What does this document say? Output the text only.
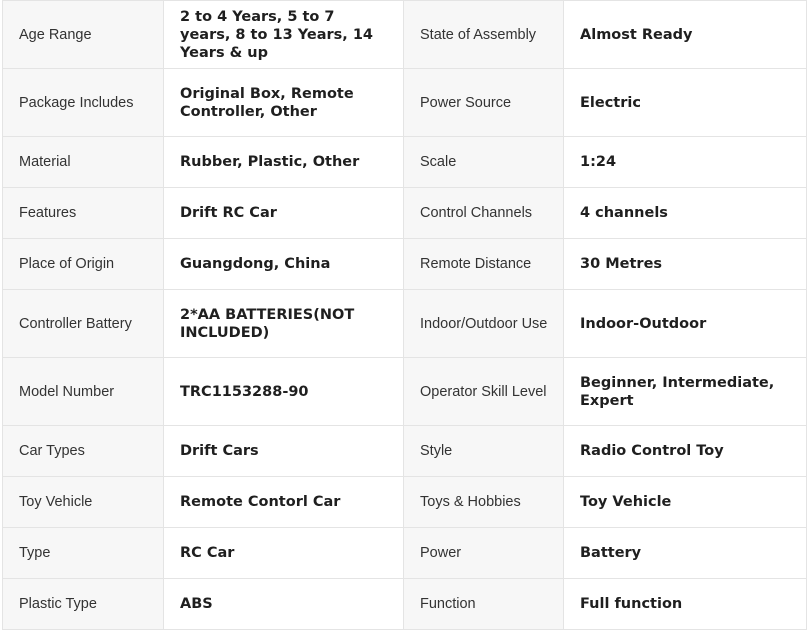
Age Range	2 to 4 Years, 5 to 7 years, 8 to 13 Years, 14 Years & up	State of Assembly	Almost Ready
Package Includes	Original Box, Remote Controller, Other	Power Source	Electric
Material	Rubber, Plastic, Other	Scale	1:24
Features	Drift RC Car	Control Channels	4 channels
Place of Origin	Guangdong, China	Remote Distance	30 Metres
Controller Battery	2*AA BATTERIES(NOT INCLUDED)	Indoor/Outdoor Use	Indoor-Outdoor
Model Number	TRC1153288-90	Operator Skill Level	Beginner, Intermediate, Expert
Car Types	Drift Cars	Style	Radio Control Toy
Toy Vehicle	Remote Contorl Car	Toys & Hobbies	Toy Vehicle
Type	RC Car	Power	Battery
Plastic Type	ABS	Function	Full function
